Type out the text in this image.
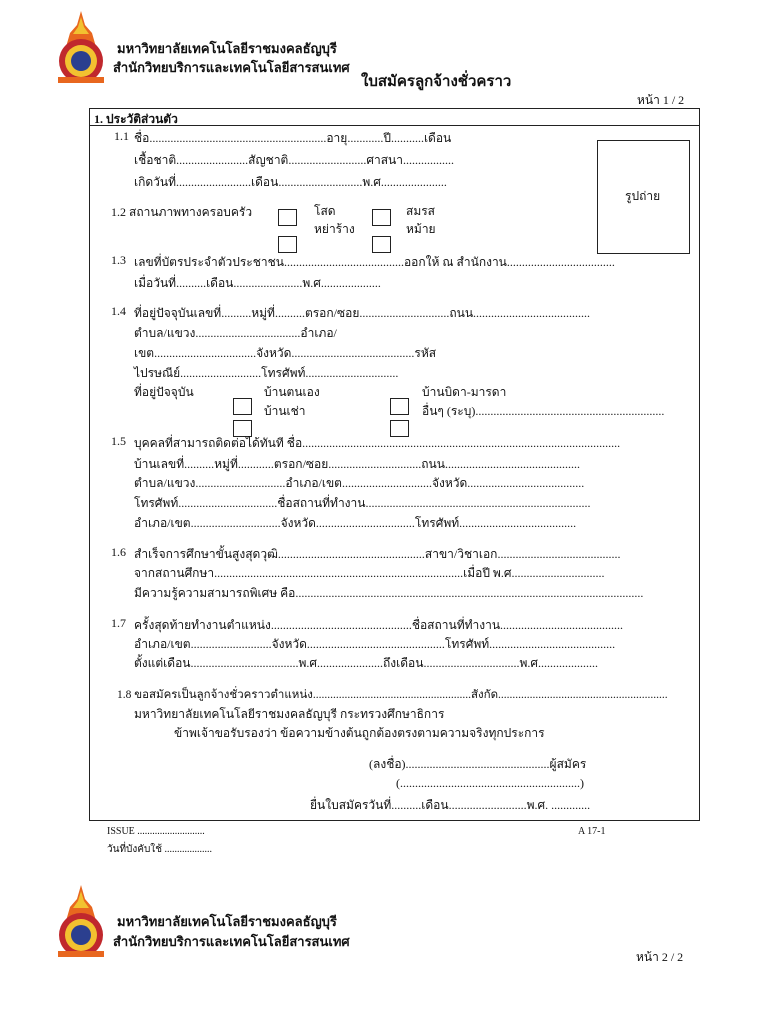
มหาวิทยาลัยเทคโนโลยีราชมงคลธัญบุรี
สำนักวิทยบริการและเทคโนโลยีสารสนเทศ
ใบสมัครลูกจ้างชั่วคราว
หน้า 1 / 2
1. ประวัติส่วนตัว
รูปถ่าย
1.1 ชื่อ...........................................................อายุ............ปี...........เดือน
เชื้อชาติ........................สัญชาติ..........................ศาสนา.................
เกิดวันที่.........................เดือน............................พ.ศ......................
1.2 สถานภาพทางครอบครัว	โสด	สมรส
หย่าร้าง	หม้าย
1.3 เลขที่บัตรประจำตัวประชาชน........................................ออกให้ ณ สำนักงาน....................................
เมื่อวันที่..........เดือน.......................พ.ศ....................
1.4 ที่อยู่ปัจจุบันเลขที่..........หมู่ที่..........ตรอก/ซอย..............................ถนน.......................................
ตำบล/แขวง...................................อำเภอ/
เขต..................................จังหวัด.........................................รหัส
ไปรษณีย์...........................โทรศัพท์...............................
ที่อยู่ปัจจุบัน	บ้านตนเอง	บ้านบิดา-มารดา
บ้านเช่า	อื่นๆ (ระบุ)...............................................................
1.5 บุคคลที่สามารถติดต่อได้ทันที ชื่อ..........................................................................................................
บ้านเลขที่..........หมู่ที่............ตรอก/ซอย...............................ถนน.............................................
ตำบล/แขวง..............................อำเภอ/เขต..............................จังหวัด.......................................
โทรศัพท์.................................ชื่อสถานที่ทำงาน...........................................................................
อำเภอ/เขต..............................จังหวัด.................................โทรศัพท์.......................................
1.6 สำเร็จการศึกษาขั้นสูงสุดวุฒิ.................................................สาขา/วิชาเอก.........................................
จากสถานศึกษา...................................................................................เมื่อปี พ.ศ...............................
มีความรู้ความสามารถพิเศษ คือ....................................................................................................................
1.7 ครั้งสุดท้ายทำงานตำแหน่ง...............................................ชื่อสถานที่ทำงาน.........................................
อำเภอ/เขต...........................จังหวัด..............................................โทรศัพท์..........................................
ตั้งแต่เดือน....................................พ.ศ......................ถึงเดือน................................พ.ศ....................
1.8 ขอสมัครเป็นลูกจ้างชั่วคราวตำแหน่ง.......................................................สังกัด...........................................................
มหาวิทยาลัยเทคโนโลยีราชมงคลธัญบุรี กระทรวงศึกษาธิการ
ข้าพเจ้าขอรับรองว่า ข้อความข้างต้นถูกต้องตรงตามความจริงทุกประการ
(ลงชื่อ)................................................ผู้สมัคร
(............................................................)
ยื่นใบสมัครวันที่..........เดือน..........................พ.ศ. .............
ISSUE ...........................
วันที่บังคับใช้ ...................
A 17-1
มหาวิทยาลัยเทคโนโลยีราชมงคลธัญบุรี
สำนักวิทยบริการและเทคโนโลยีสารสนเทศ
หน้า 2 / 2
